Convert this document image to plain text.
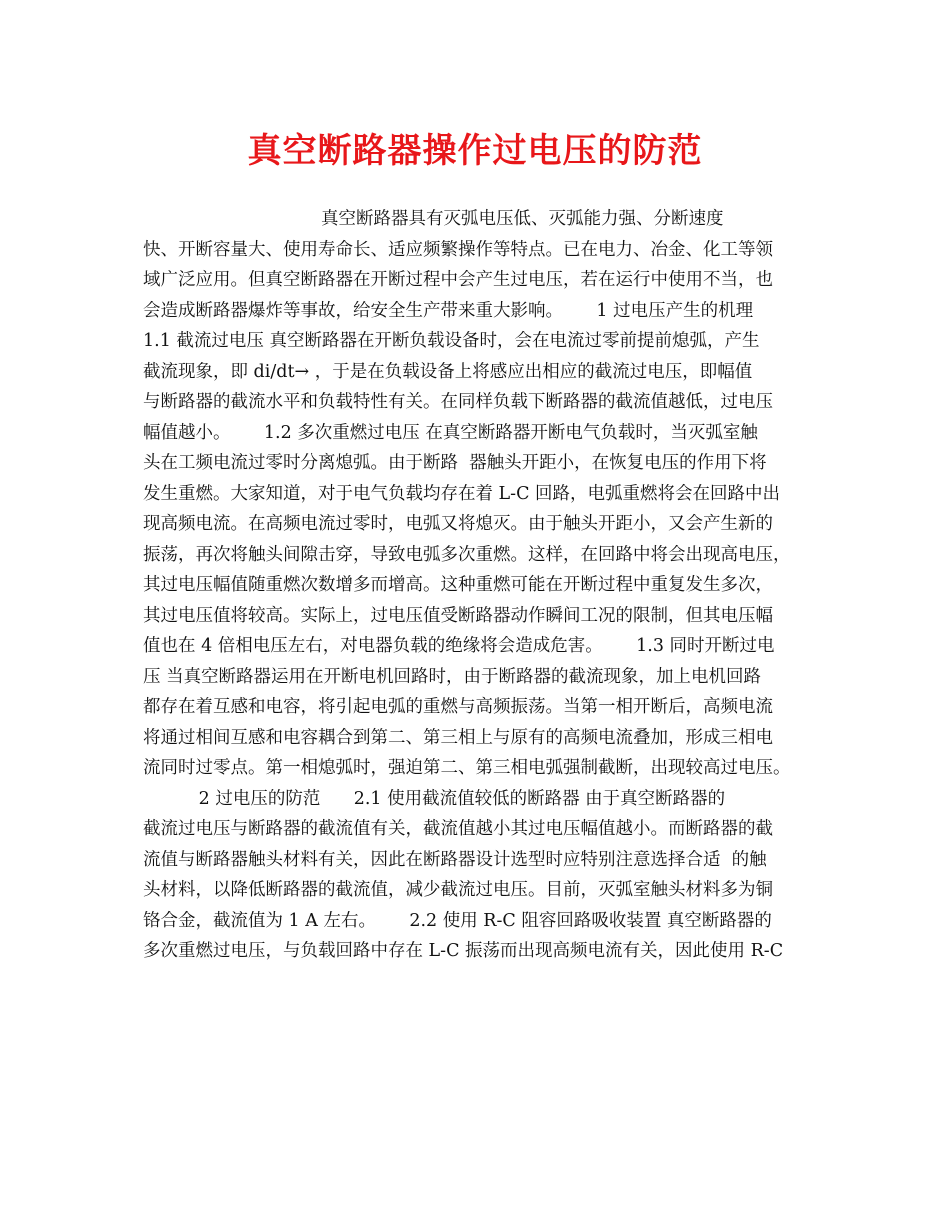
真空断路器操作过电压的防范
真空断路器具有灭弧电压低、灭弧能力强、分断速度
快、开断容量大、使用寿命长、适应频繁操作等特点。已在电力、冶金、化工等领
域广泛应用。但真空断路器在开断过程中会产生过电压，若在运行中使用不当，也
会造成断路器爆炸等事故，给安全生产带来重大影响。      1 过电压产生的机理
1.1 截流过电压 真空断路器在开断负载设备时，会在电流过零前提前熄弧，产生
截流现象，即 di/dt→ ，于是在负载设备上将感应出相应的截流过电压，即幅值
与断路器的截流水平和负载特性有关。在同样负载下断路器的截流值越低，过电压
幅值越小。      1.2 多次重燃过电压 在真空断路器开断电气负载时，当灭弧室触
头在工频电流过零时分离熄弧。由于断路  器触头开距小，在恢复电压的作用下将
发生重燃。大家知道，对于电气负载均存在着 L-C 回路，电弧重燃将会在回路中出
现高频电流。在高频电流过零时，电弧又将熄灭。由于触头开距小，又会产生新的
振荡，再次将触头间隙击穿，导致电弧多次重燃。这样，在回路中将会出现高电压，
其过电压幅值随重燃次数增多而增高。这种重燃可能在开断过程中重复发生多次，
其过电压值将较高。实际上，过电压值受断路器动作瞬间工况的限制，但其电压幅
值也在 4 倍相电压左右，对电器负载的绝缘将会造成危害。      1.3 同时开断过电
压 当真空断路器运用在开断电机回路时，由于断路器的截流现象，加上电机回路
都存在着互感和电容，将引起电弧的重燃与高频振荡。当第一相开断后，高频电流
将通过相间互感和电容耦合到第二、第三相上与原有的高频电流叠加，形成三相电
流同时过零点。第一相熄弧时，强迫第二、第三相电弧强制截断，出现较高过电压。
2 过电压的防范      2.1 使用截流值较低的断路器 由于真空断路器的
截流过电压与断路器的截流值有关，截流值越小其过电压幅值越小。而断路器的截
流值与断路器触头材料有关，因此在断路器设计选型时应特别注意选择合适  的触
头材料，以降低断路器的截流值，减少截流过电压。目前，灭弧室触头材料多为铜
铬合金，截流值为 1 A 左右。      2.2 使用 R-C 阻容回路吸收装置 真空断路器的
多次重燃过电压，与负载回路中存在 L-C 振荡而出现高频电流有关，因此使用 R-C
